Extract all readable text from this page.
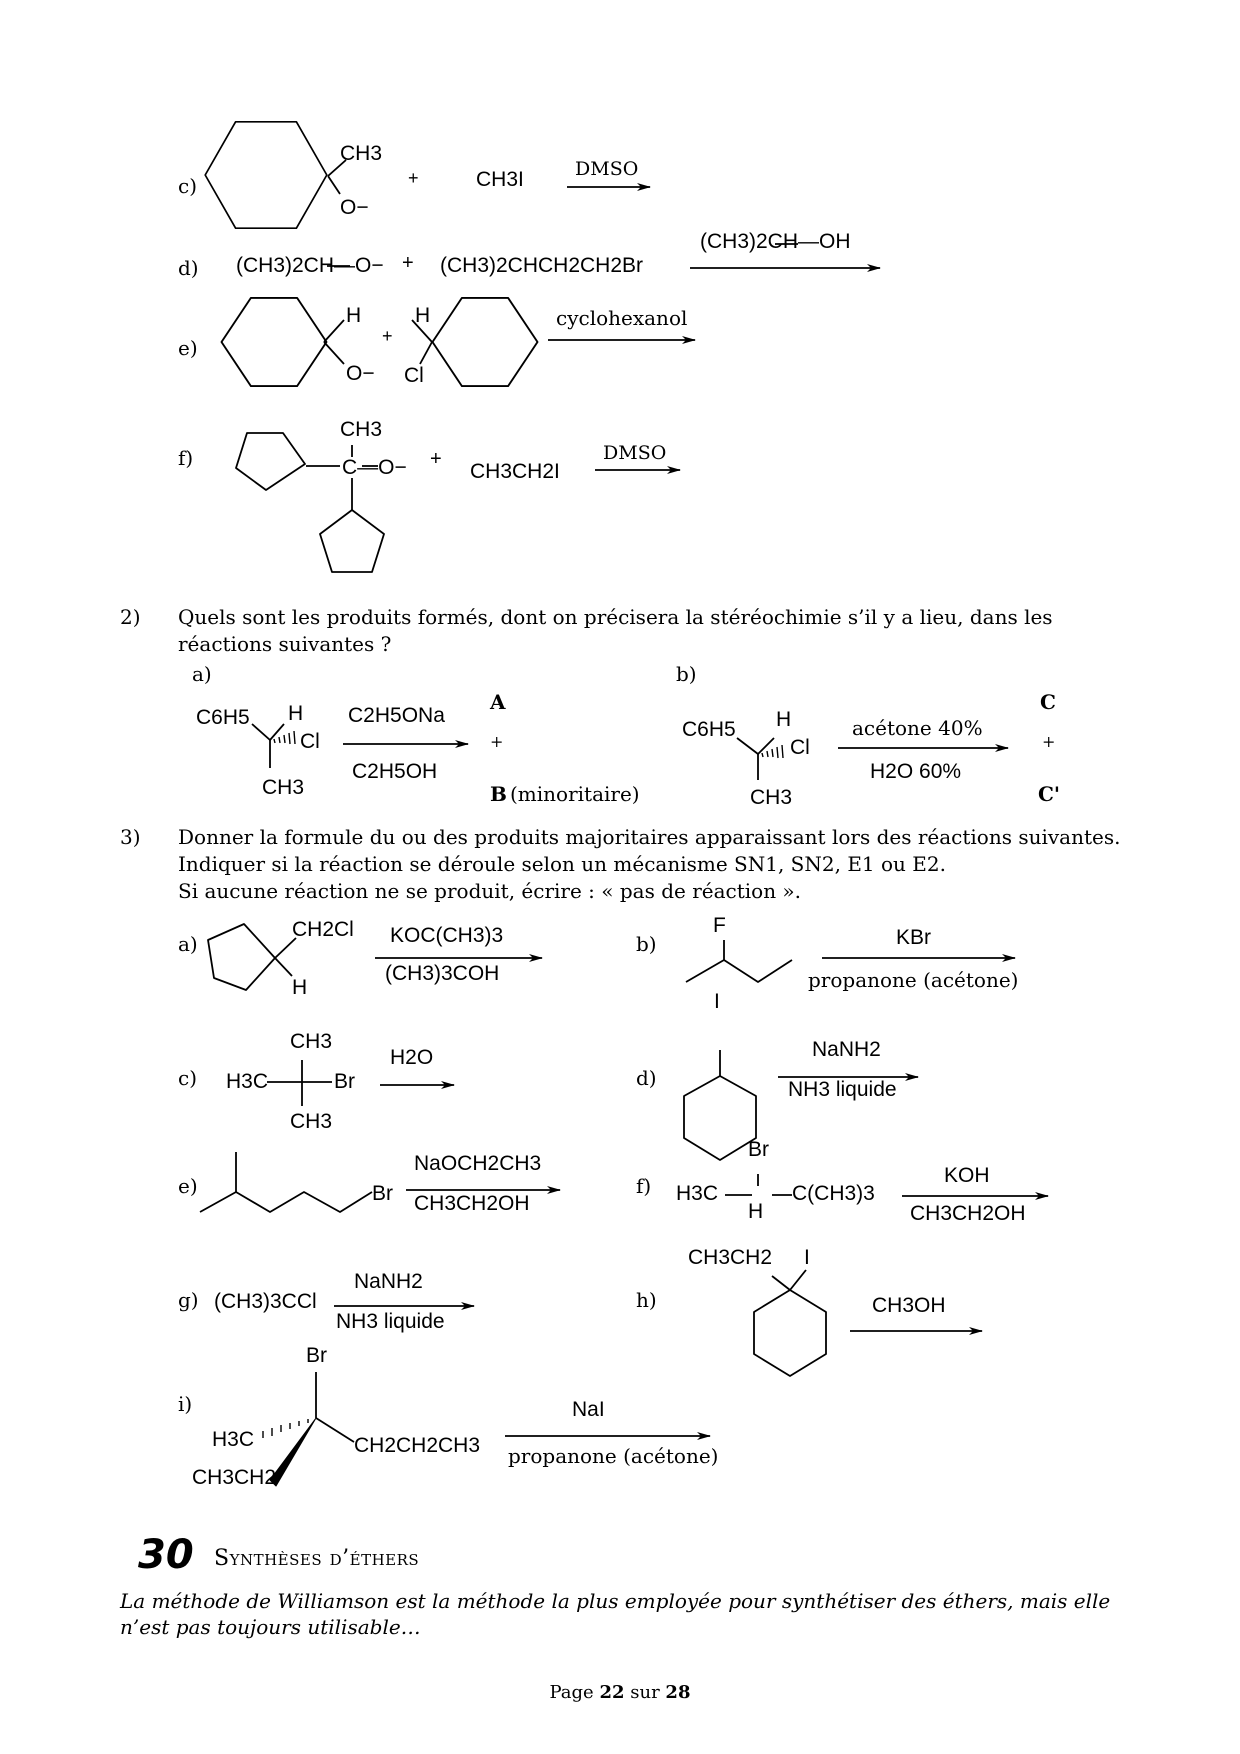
c)
CH3
O−
+	CH3I	DMSO
d) (CH3)2CH—O− + (CH3)2CHCH2CH2Br
(CH3)2CH—OH
e)
H
O−
+
H
Cl
cyclohexanol
f)
CH3
C—O− +
CH3CH2I
DMSO
2) Quels sont les produits formés, dont on précisera la stéréochimie s’il y a lieu, dans les réactions suivantes ?
a)
C6H5 H
Cl
CH3
C2H5ONa
C2H5OH
A
+
B (minoritaire)
b)
C6H5 H
Cl
CH3
acétone 40%
H2O 60%
C
+
C'
3) Donner la formule du ou des produits majoritaires apparaissant lors des réactions suivantes.
Indiquer si la réaction se déroule selon un mécanisme SN1, SN2, E1 ou E2.
Si aucune réaction ne se produit, écrire : « pas de réaction ».
a)
CH2Cl
H
KOC(CH3)3
(CH3)3COH
b)
F
KBr
propanone (acétone)
c)
CH3
H3C	Br
CH3
H2O
d)
I
NaNH2
NH3 liquide
e)	Br
NaOCH2CH3
CH3CH2OH
f)
Br
H3C	C(CH3)3
H
KOH
CH3CH2OH
g) (CH3)3CCl
NaNH2
NH3 liquide
h)
CH3CH2 I
CH3OH
i)
Br
H3C	CH2CH2CH3
CH3CH2
NaI
propanone (acétone)
30 Synthèses d’éthers
La méthode de Williamson est la méthode la plus employée pour synthétiser des éthers, mais elle n’est pas toujours utilisable…
Page 22 sur 28
